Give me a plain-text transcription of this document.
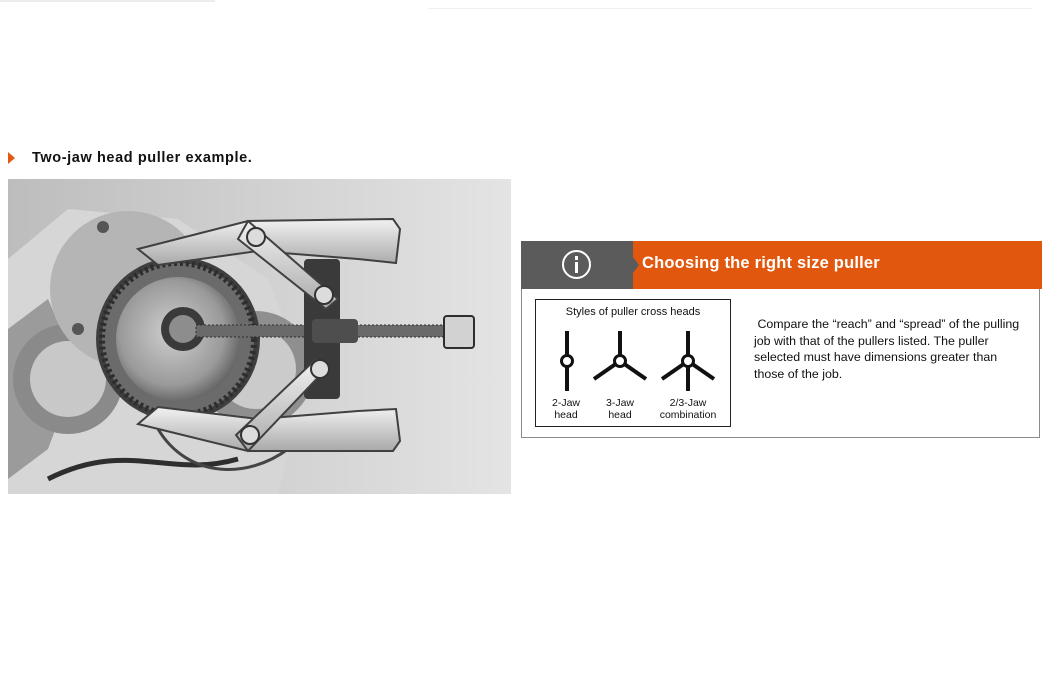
Two-jaw head puller example.
Choosing the right size puller
Styles of puller cross heads
2-Jaw
head
3-Jaw
head
2/3-Jaw
combination
Compare the “reach” and “spread” of the pulling job with that of the pullers listed. The puller selected must have dimensions greater than those of the job.
